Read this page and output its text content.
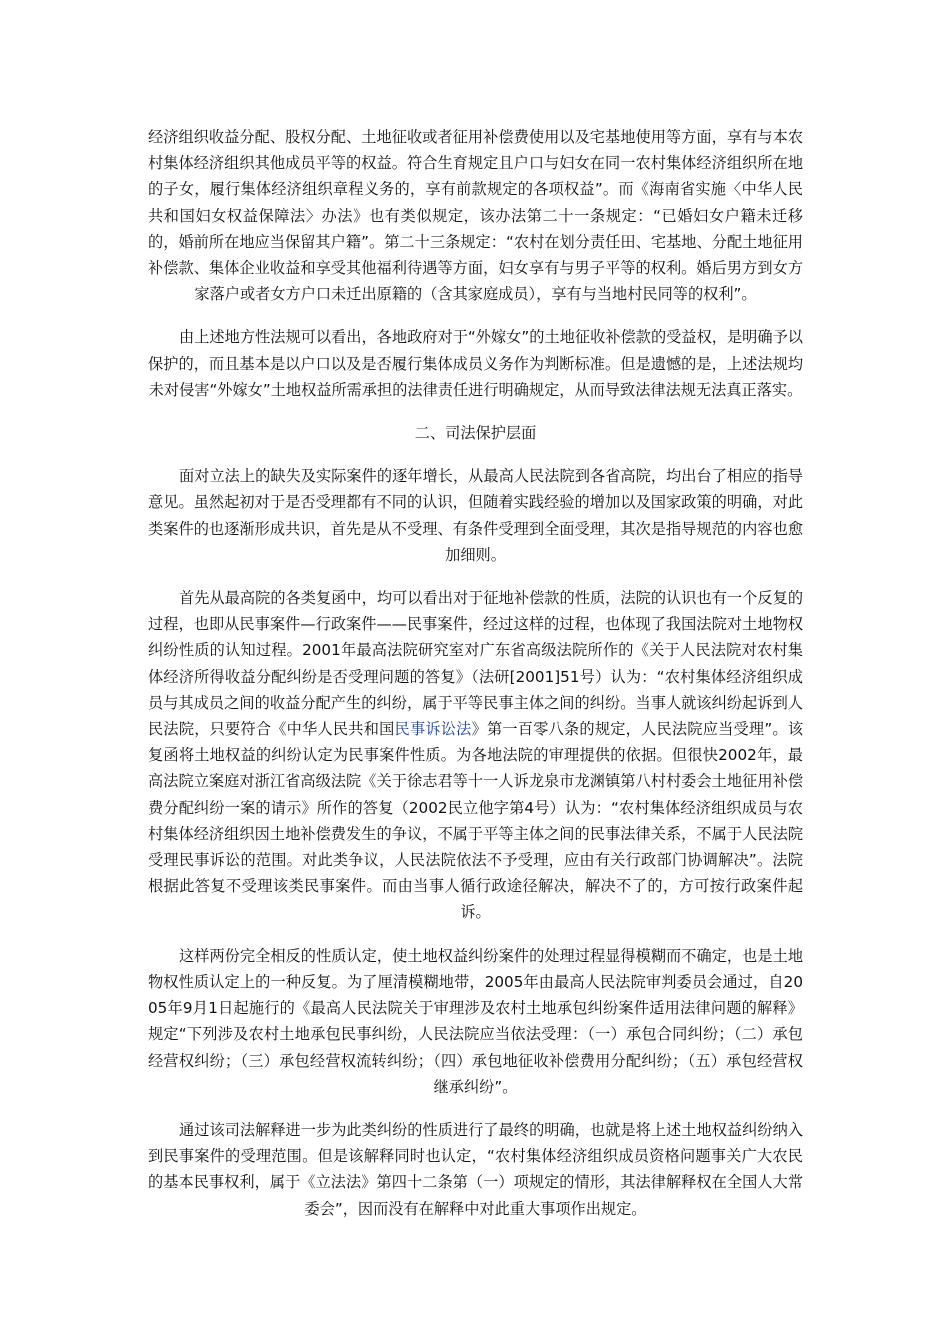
经济组织收益分配、股权分配、土地征收或者征用补偿费使用以及宅基地使用等方面，享有与本农村集体经济组织其他成员平等的权益。符合生育规定且户口与妇女在同一农村集体经济组织所在地的子女，履行集体经济组织章程义务的，享有前款规定的各项权益”。而《海南省实施〈中华人民共和国妇女权益保障法〉办法》也有类似规定，该办法第二十一条规定：“已婚妇女户籍未迁移的，婚前所在地应当保留其户籍”。第二十三条规定：“农村在划分责任田、宅基地、分配土地征用补偿款、集体企业收益和享受其他福利待遇等方面，妇女享有与男子平等的权利。婚后男方到女方家落户或者女方户口未迁出原籍的（含其家庭成员），享有与当地村民同等的权利”。

由上述地方性法规可以看出，各地政府对于“外嫁女”的土地征收补偿款的受益权，是明确予以保护的，而且基本是以户口以及是否履行集体成员义务作为判断标准。但是遗憾的是，上述法规均未对侵害“外嫁女”土地权益所需承担的法律责任进行明确规定，从而导致法律法规无法真正落实。

二、司法保护层面

面对立法上的缺失及实际案件的逐年增长，从最高人民法院到各省高院，均出台了相应的指导意见。虽然起初对于是否受理都有不同的认识，但随着实践经验的增加以及国家政策的明确，对此类案件的也逐渐形成共识，首先是从不受理、有条件受理到全面受理，其次是指导规范的内容也愈加细则。

首先从最高院的各类复函中，均可以看出对于征地补偿款的性质，法院的认识也有一个反复的过程，也即从民事案件—行政案件——民事案件，经过这样的过程，也体现了我国法院对土地物权纠纷性质的认知过程。2001年最高法院研究室对广东省高级法院所作的《关于人民法院对农村集体经济所得收益分配纠纷是否受理问题的答复》（法研[2001]51号）认为：“农村集体经济组织成员与其成员之间的收益分配产生的纠纷，属于平等民事主体之间的纠纷。当事人就该纠纷起诉到人民法院，只要符合《中华人民共和国民事诉讼法》第一百零八条的规定，人民法院应当受理”。该复函将土地权益的纠纷认定为民事案件性质。为各地法院的审理提供的依据。但很快2002年，最高法院立案庭对浙江省高级法院《关于徐志君等十一人诉龙泉市龙渊镇第八村村委会土地征用补偿费分配纠纷一案的请示》所作的答复（2002民立他字第4号）认为：“农村集体经济组织成员与农村集体经济组织因土地补偿费发生的争议，不属于平等主体之间的民事法律关系，不属于人民法院受理民事诉讼的范围。对此类争议，人民法院依法不予受理，应由有关行政部门协调解决”。法院根据此答复不受理该类民事案件。而由当事人循行政途径解决，解决不了的，方可按行政案件起诉。

这样两份完全相反的性质认定，使土地权益纠纷案件的处理过程显得模糊而不确定，也是土地物权性质认定上的一种反复。为了厘清模糊地带，2005年由最高人民法院审判委员会通过，自2005年9月1日起施行的《最高人民法院关于审理涉及农村土地承包纠纷案件适用法律问题的解释》规定“下列涉及农村土地承包民事纠纷，人民法院应当依法受理：（一）承包合同纠纷；（二）承包经营权纠纷；（三）承包经营权流转纠纷；（四）承包地征收补偿费用分配纠纷；（五）承包经营权继承纠纷”。

通过该司法解释进一步为此类纠纷的性质进行了最终的明确，也就是将上述土地权益纠纷纳入到民事案件的受理范围。但是该解释同时也认定，“农村集体经济组织成员资格问题事关广大农民的基本民事权利，属于《立法法》第四十二条第（一）项规定的情形，其法律解释权在全国人大常委会”，因而没有在解释中对此重大事项作出规定。
